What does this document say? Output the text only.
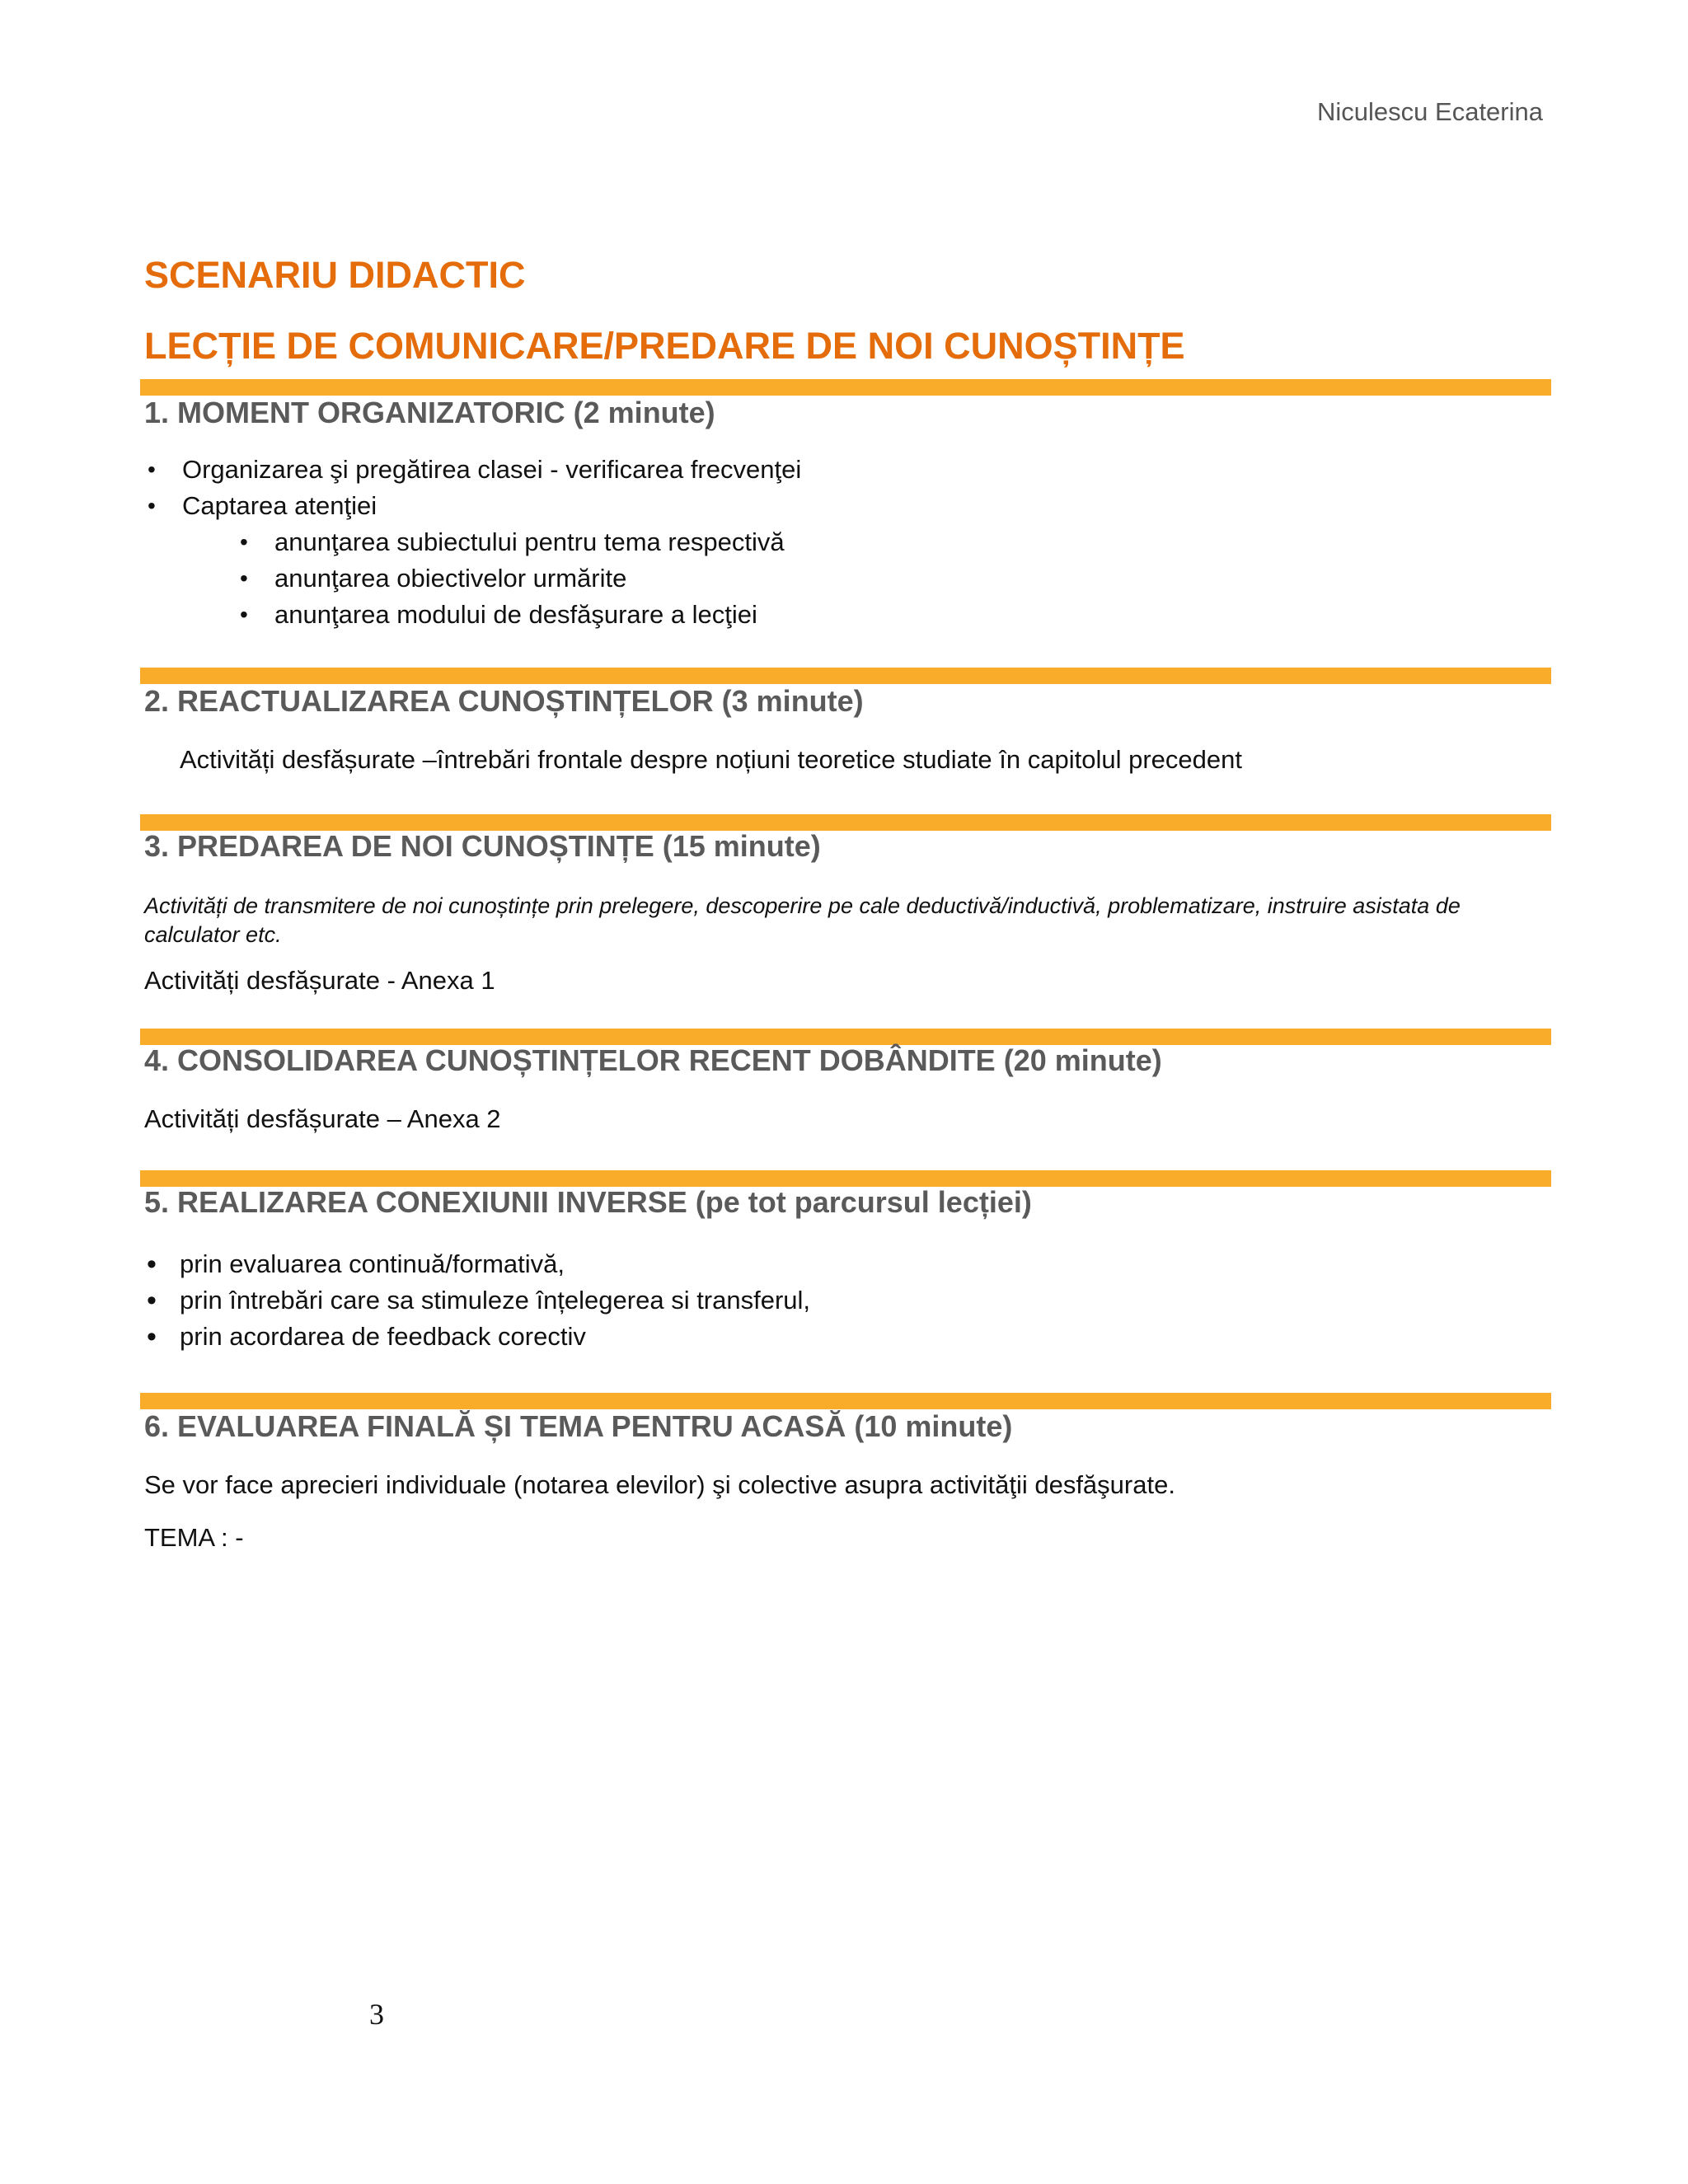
Niculescu Ecaterina
SCENARIU DIDACTIC
LECȚIE DE COMUNICARE/PREDARE DE NOI CUNOȘTINȚE
1. MOMENT ORGANIZATORIC (2 minute)
• Organizarea şi pregătirea clasei - verificarea frecvenţei
• Captarea atenţiei
• anunţarea subiectului pentru tema respectivă
• anunţarea obiectivelor urmărite
• anunţarea modului de desfăşurare a lecţiei
2. REACTUALIZAREA CUNOȘTINȚELOR (3 minute)

Activități desfășurate –întrebări frontale despre noțiuni teoretice studiate în capitolul precedent

3. PREDAREA DE NOI CUNOȘTINȚE (15 minute)

Activități de transmitere de noi cunoștințe prin prelegere, descoperire pe cale deductivă/inductivă, problematizare, instruire asistata de calculator etc.

Activități desfășurate - Anexa 1

4. CONSOLIDAREA CUNOȘTINȚELOR RECENT DOBÂNDITE (20 minute)

Activități desfășurate – Anexa 2

5. REALIZAREA CONEXIUNII INVERSE (pe tot parcursul lecției)
• prin evaluarea continuă/formativă,
• prin întrebări care sa stimuleze înțelegerea si transferul,
• prin acordarea de feedback corectiv
6. EVALUAREA FINALĂ ȘI TEMA PENTRU ACASĂ (10 minute)

Se vor face aprecieri individuale (notarea elevilor) şi colective asupra activităţii desfăşurate.

TEMA : -

3
